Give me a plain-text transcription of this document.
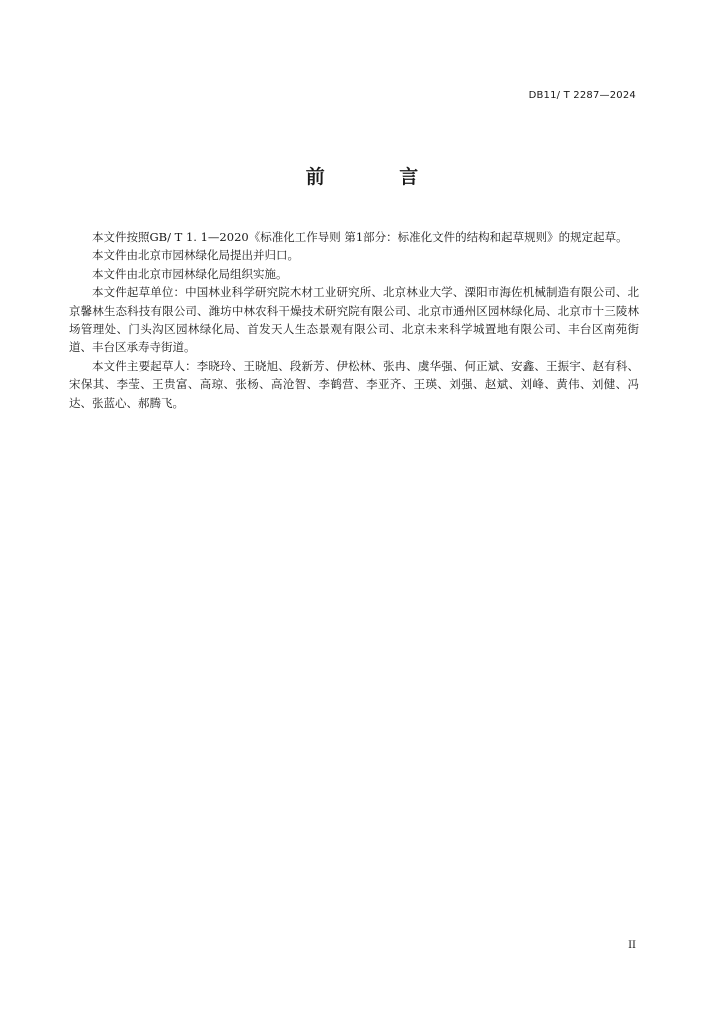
DB11/ T 2287—2024
前 言

本文件按照GB/ T 1. 1—2020《标准化工作导则 第1部分：标准化文件的结构和起草规则》的规定起草。

本文件由北京市园林绿化局提出并归口。

本文件由北京市园林绿化局组织实施。

本文件起草单位：中国林业科学研究院木材工业研究所、北京林业大学、溧阳市海佐机械制造有限公司、北京馨林生态科技有限公司、潍坊中林农科干燥技术研究院有限公司、北京市通州区园林绿化局、北京市十三陵林场管理处、门头沟区园林绿化局、首发天人生态景观有限公司、北京未来科学城置地有限公司、丰台区南苑街道、丰台区承寿寺街道。

本文件主要起草人：李晓玲、王晓旭、段新芳、伊松林、张冉、虞华强、何正斌、安鑫、王振宇、赵有科、宋保其、李莹、王贵富、高琼、张杨、高沧智、李鹤营、李亚齐、王瑛、刘强、赵斌、刘峰、黄伟、刘健、冯达、张蓝心、郝腾飞。

II
